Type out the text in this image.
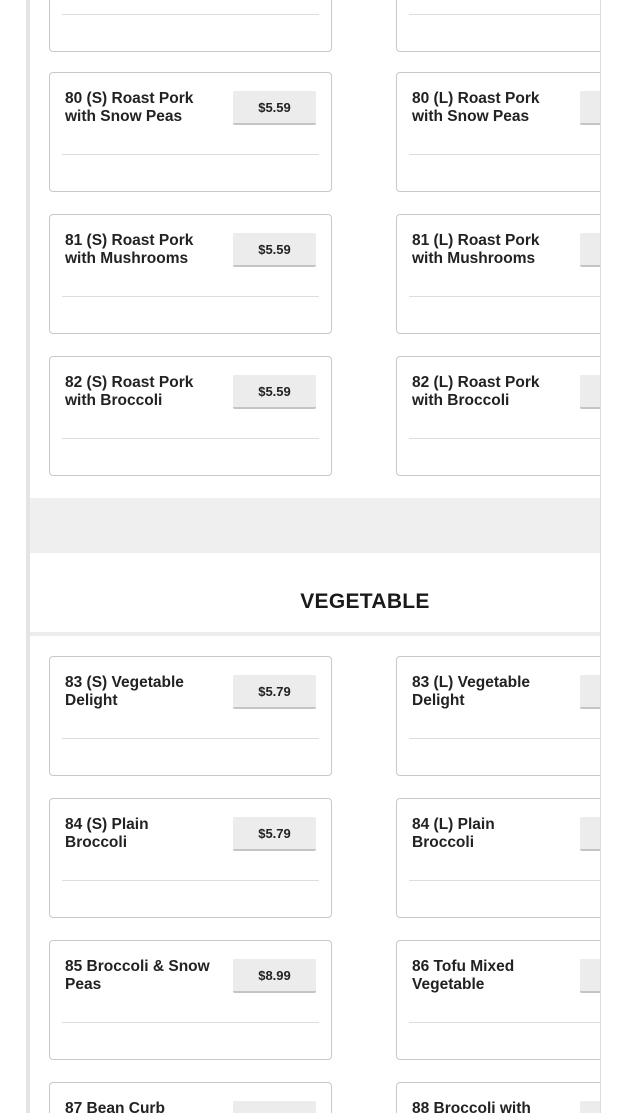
80 (S) Roast Pork with Snow Peas
$5.59
80 (L) Roast Pork with Snow Peas
81 (S) Roast Pork with Mushrooms
$5.59
81 (L) Roast Pork with Mushrooms
82 (S) Roast Pork with Broccoli
$5.59
82 (L) Roast Pork with Broccoli
VEGETABLE
83 (S) Vegetable Delight
$5.79
83 (L) Vegetable Delight
84 (S) Plain Broccoli
$5.79
84 (L) Plain Broccoli
85 Broccoli & Snow Peas
$8.99
86 Tofu Mixed Vegetable
87 Bean Curb	88 Broccoli with
